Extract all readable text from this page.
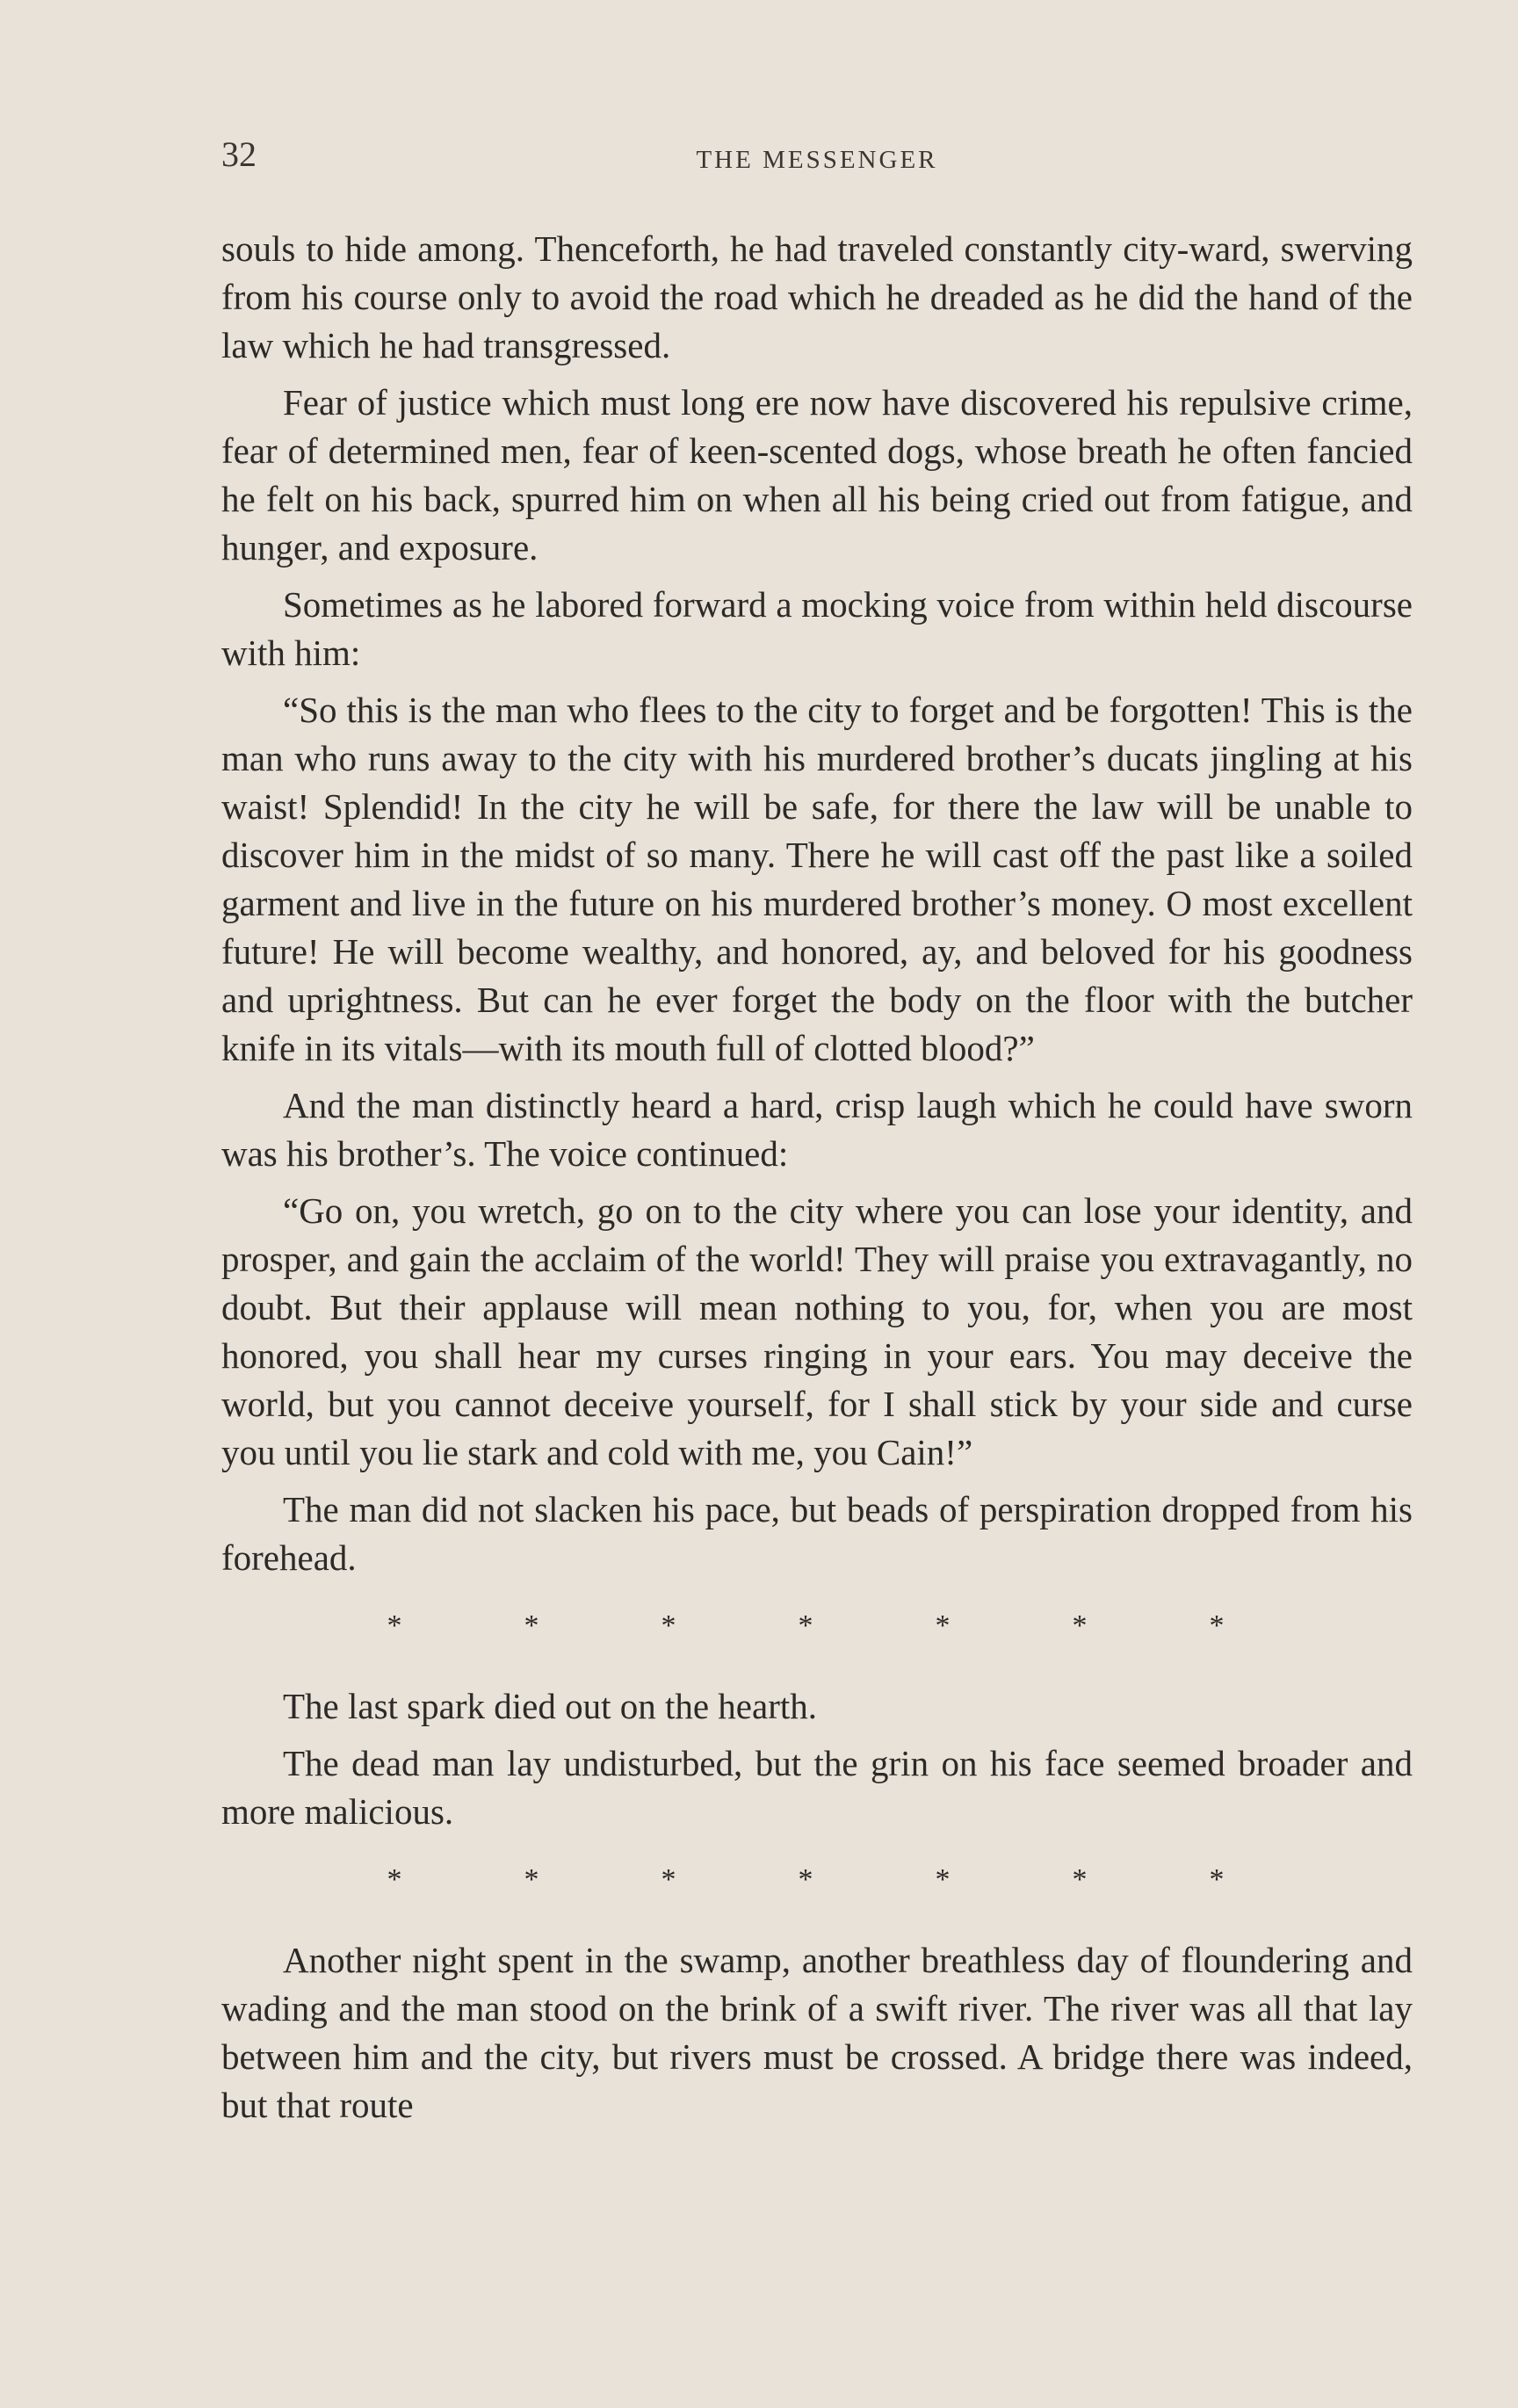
32	THE MESSENGER

souls to hide among. Thenceforth, he had traveled constantly city-ward, swerving from his course only to avoid the road which he dreaded as he did the hand of the law which he had transgressed.

Fear of justice which must long ere now have discovered his repulsive crime, fear of determined men, fear of keen-scented dogs, whose breath he often fancied he felt on his back, spurred him on when all his being cried out from fatigue, and hunger, and exposure.

Sometimes as he labored forward a mocking voice from within held discourse with him:

“So this is the man who flees to the city to forget and be forgotten! This is the man who runs away to the city with his murdered brother’s ducats jingling at his waist! Splendid! In the city he will be safe, for there the law will be unable to discover him in the midst of so many. There he will cast off the past like a soiled garment and live in the future on his murdered brother’s money. O most excellent future! He will become wealthy, and honored, ay, and beloved for his goodness and uprightness. But can he ever forget the body on the floor with the butcher knife in its vitals—with its mouth full of clotted blood?”

And the man distinctly heard a hard, crisp laugh which he could have sworn was his brother’s. The voice continued:

“Go on, you wretch, go on to the city where you can lose your identity, and prosper, and gain the acclaim of the world! They will praise you extravagantly, no doubt. But their applause will mean nothing to you, for, when you are most honored, you shall hear my curses ringing in your ears. You may deceive the world, but you cannot deceive yourself, for I shall stick by your side and curse you until you lie stark and cold with me, you Cain!”

The man did not slacken his pace, but beads of perspiration dropped from his forehead.

*	*	*	*	*	*	*

The last spark died out on the hearth.

The dead man lay undisturbed, but the grin on his face seemed broader and more malicious.

*	*	*	*	*	*	*

Another night spent in the swamp, another breathless day of floundering and wading and the man stood on the brink of a swift river. The river was all that lay between him and the city, but rivers must be crossed. A bridge there was indeed, but that route
